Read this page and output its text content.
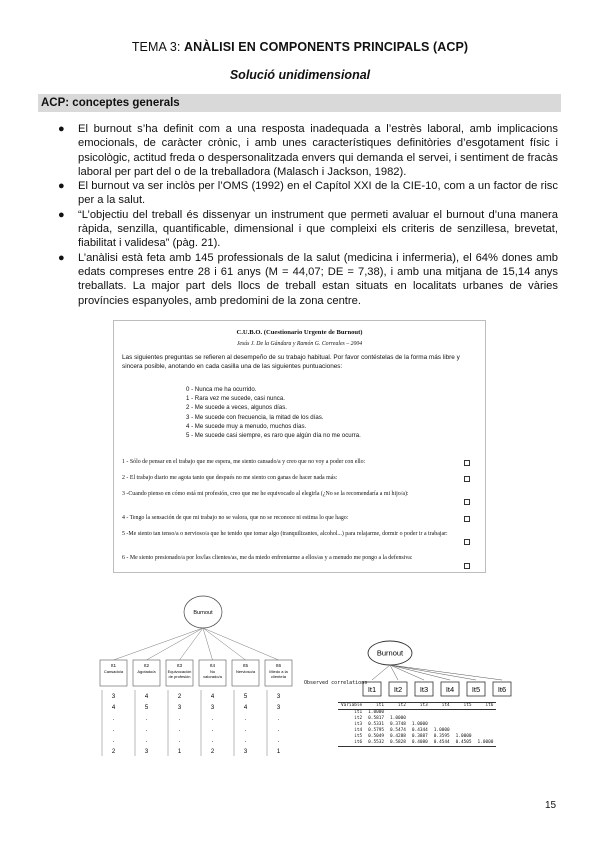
TEMA 3: ANÀLISI EN COMPONENTS PRINCIPALS (ACP)
Solució unidimensional
ACP: conceptes generals
● El burnout s’ha definit com a una resposta inadequada a l’estrès laboral, amb implicacions emocionals, de caràcter crònic, i amb unes característiques definitòries d’esgotament físic i psicològic, actitud freda o despersonalitzada envers qui demanda el servei, i sentiment de fracàs laboral per part del o de la treballadora (Malasch i Jackson, 1982).
● El burnout va ser inclòs per l’OMS (1992) en el Capítol XXI de la CIE-10, com a un factor de risc per a la salut.
● “L’objectiu del treball és dissenyar un instrument que permeti avaluar el burnout d’una manera ràpida, senzilla, quantificable, dimensional i que compleixi els criteris de senzillesa, brevetat, fiabilitat i validesa” (pàg. 21).
● L’anàlisi està feta amb 145 professionals de la salut (medicina i infermeria), el 64% dones amb edats compreses entre 28 i 61 anys (M = 44,07; DE = 7,38), i amb una mitjana de 15,14 anys treballats. La major part dels llocs de treball estan situats en localitats urbanes de vàries províncies espanyoles, amb predomini de la zona centre.
C.U.B.O. (Cuestionario Urgente de Burnout)
Jesús J. De la Gándara y Ramón G. Correales – 2004
Las siguientes preguntas se refieren al desempeño de su trabajo habitual. Por favor contéstelas de la forma más libre y sincera posible, anotando en cada casilla una de las siguientes puntuaciones:
0 - Nunca me ha ocurrido.
1 - Rara vez me sucede, casi nunca.
2 - Me sucede a veces, algunos días.
3 - Me sucede con frecuencia, la mitad de los días.
4 - Me sucede muy a menudo, muchos días.
5 - Me sucede casi siempre, es raro que algún día no me ocurra.
1 - Sólo de pensar en el trabajo que me espera, me siento cansado/a y creo que no voy a poder con ello:
2 - El trabajo diario me agota tanto que después no me siento con ganas de hacer nada más:
3 -Cuando pienso en cómo está mi profesión, creo que me he equivocado al elegirla (¿No se la recomendaría a mi hijo/a):
4 - Tengo la sensación de que mi trabajo no se valora, que no se reconoce ni estima lo que hago:
5 -Me siento tan tenso/a o nervioso/a que he tenido que tomar algo (tranquilizantes, alcohol...) para relajarme, dormir o poder ir a trabajar:
6 - Me siento presionado/a por los/las clientes/as, me da miedo enfrentarme a ellos/as y a menudo me pongo a la defensiva:
Burnout
It1
Cansado/a
3
4
.
.
.
2
It2
Agotado/a
4
5
.
.
.
3
It3
Equivocación
de profesión
2
3
.
.
.
1
It4
No
valorado/a
4
3
.
.
.
2
It5
Nervioso/a
5
4
.
.
.
3
It6
Miedo a la
clienteIa
3
3
.
.
.
1
Burnout
It1 It2 It3 It4 It5 It6
Observed correlations
Variable	it1	it2	it3	it4	it5	it6
it1	1.0000					
it2	0.5817	1.0000				
it3	0.5331	0.3748	1.0000			
it4	0.5795	0.5474	0.4344	1.0000		
it5	0.5049	0.4288	0.3887	0.3595	1.0000	
it6	0.5532	0.5828	0.4080	0.4544	0.4505	1.0000
15
